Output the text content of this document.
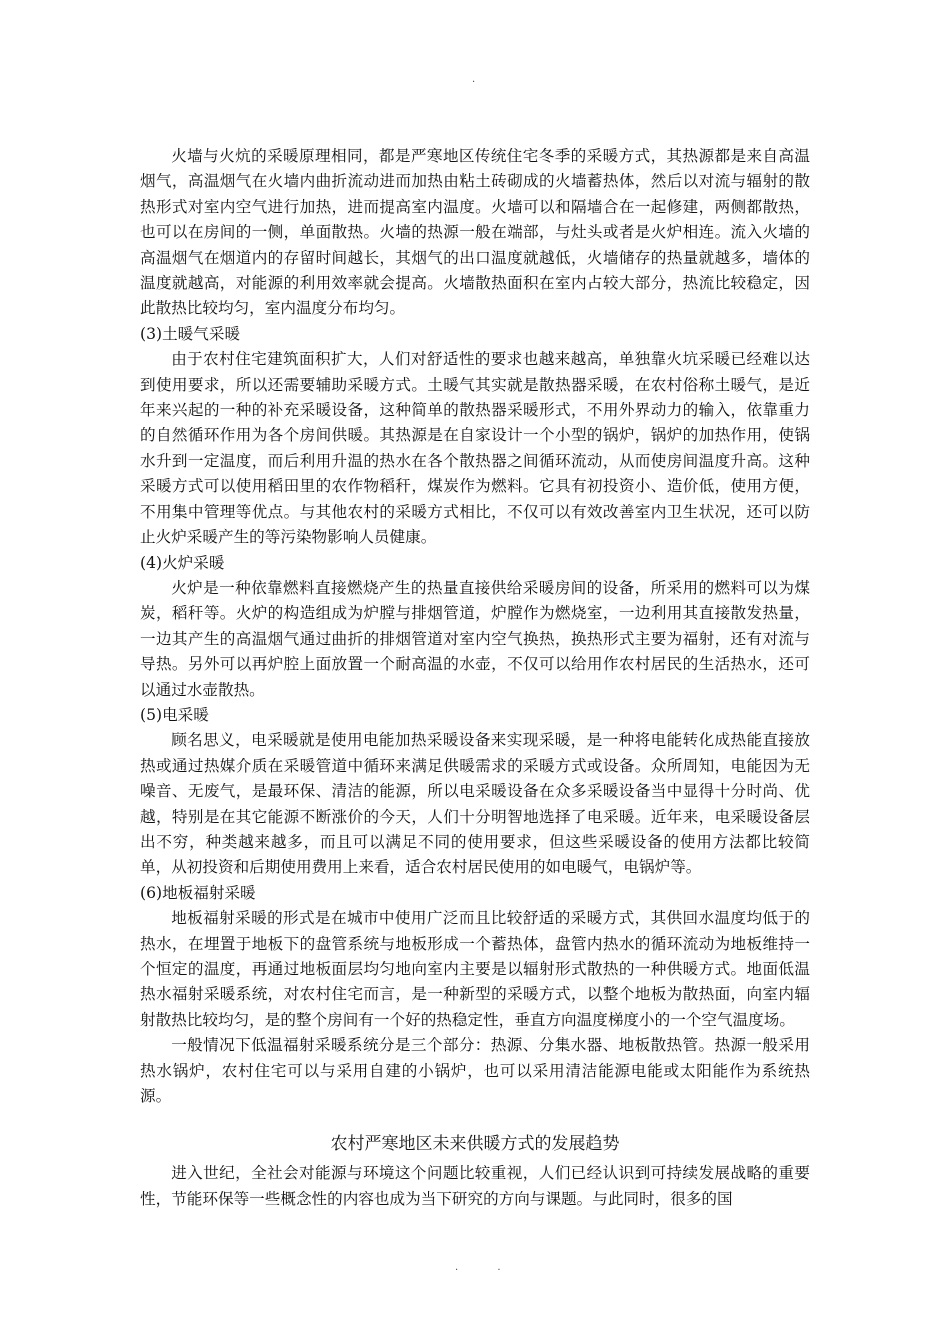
.

火墙与火炕的采暖原理相同，都是严寒地区传统住宅冬季的采暖方式，其热源都是来自高温烟气，高温烟气在火墙内曲折流动进而加热由粘土砖砌成的火墙蓄热体，然后以对流与辐射的散热形式对室内空气进行加热，进而提高室内温度。火墙可以和隔墙合在一起修建，两侧都散热，也可以在房间的一侧，单面散热。火墙的热源一般在端部，与灶头或者是火炉相连。流入火墙的高温烟气在烟道内的存留时间越长，其烟气的出口温度就越低，火墙储存的热量就越多，墙体的温度就越高，对能源的利用效率就会提高。火墙散热面积在室内占较大部分，热流比较稳定，因此散热比较均匀，室内温度分布均匀。

(3)土暖气采暖

由于农村住宅建筑面积扩大，人们对舒适性的要求也越来越高，单独靠火坑采暖已经难以达到使用要求，所以还需要辅助采暖方式。土暖气其实就是散热器采暖，在农村俗称土暖气，是近年来兴起的一种的补充采暖设备，这种简单的散热器采暖形式，不用外界动力的输入，依靠重力的自然循环作用为各个房间供暖。其热源是在自家设计一个小型的锅炉，锅炉的加热作用，使锅水升到一定温度，而后利用升温的热水在各个散热器之间循环流动，从而使房间温度升高。这种采暖方式可以使用稻田里的农作物稻秆，煤炭作为燃料。它具有初投资小、造价低，使用方便，不用集中管理等优点。与其他农村的采暖方式相比，不仅可以有效改善室内卫生状况，还可以防止火炉采暖产生的等污染物影响人员健康。

(4)火炉采暖

火炉是一种依靠燃料直接燃烧产生的热量直接供给采暖房间的设备，所采用的燃料可以为煤炭，稻秆等。火炉的构造组成为炉膛与排烟管道，炉膛作为燃烧室，一边利用其直接散发热量，一边其产生的高温烟气通过曲折的排烟管道对室内空气换热，换热形式主要为福射，还有对流与导热。另外可以再炉腔上面放置一个耐高温的水壶，不仅可以给用作农村居民的生活热水，还可以通过水壶散热。

(5)电采暖

顾名思义，电采暖就是使用电能加热采暖设备来实现采暖，是一种将电能转化成热能直接放热或通过热媒介质在采暖管道中循环来满足供暖需求的采暖方式或设备。众所周知，电能因为无噪音、无废气，是最环保、清洁的能源，所以电采暖设备在众多采暖设备当中显得十分时尚、优越，特别是在其它能源不断涨价的今天，人们十分明智地选择了电采暖。近年来，电采暖设备层出不穷，种类越来越多，而且可以满足不同的使用要求，但这些采暖设备的使用方法都比较简单，从初投资和后期使用费用上来看，适合农村居民使用的如电暖气，电锅炉等。

(6)地板福射采暖

地板福射采暖的形式是在城市中使用广泛而且比较舒适的采暖方式，其供回水温度均低于的热水，在埋置于地板下的盘管系统与地板形成一个蓄热体，盘管内热水的循环流动为地板维持一个恒定的温度，再通过地板面层均匀地向室内主要是以辐射形式散热的一种供暖方式。地面低温热水福射采暖系统，对农村住宅而言，是一种新型的采暖方式，以整个地板为散热面，向室内辐射散热比较均匀，是的整个房间有一个好的热稳定性，垂直方向温度梯度小的一个空气温度场。

一般情况下低温福射采暖系统分是三个部分：热源、分集水器、地板散热管。热源一般采用热水锅炉，农村住宅可以与采用自建的小锅炉，也可以采用清洁能源电能或太阳能作为系统热源。

农村严寒地区未来供暖方式的发展趋势

进入世纪，全社会对能源与环境这个问题比较重视，人们已经认识到可持续发展战略的重要性，节能环保等一些概念性的内容也成为当下研究的方向与课题。与此同时，很多的国

. .
